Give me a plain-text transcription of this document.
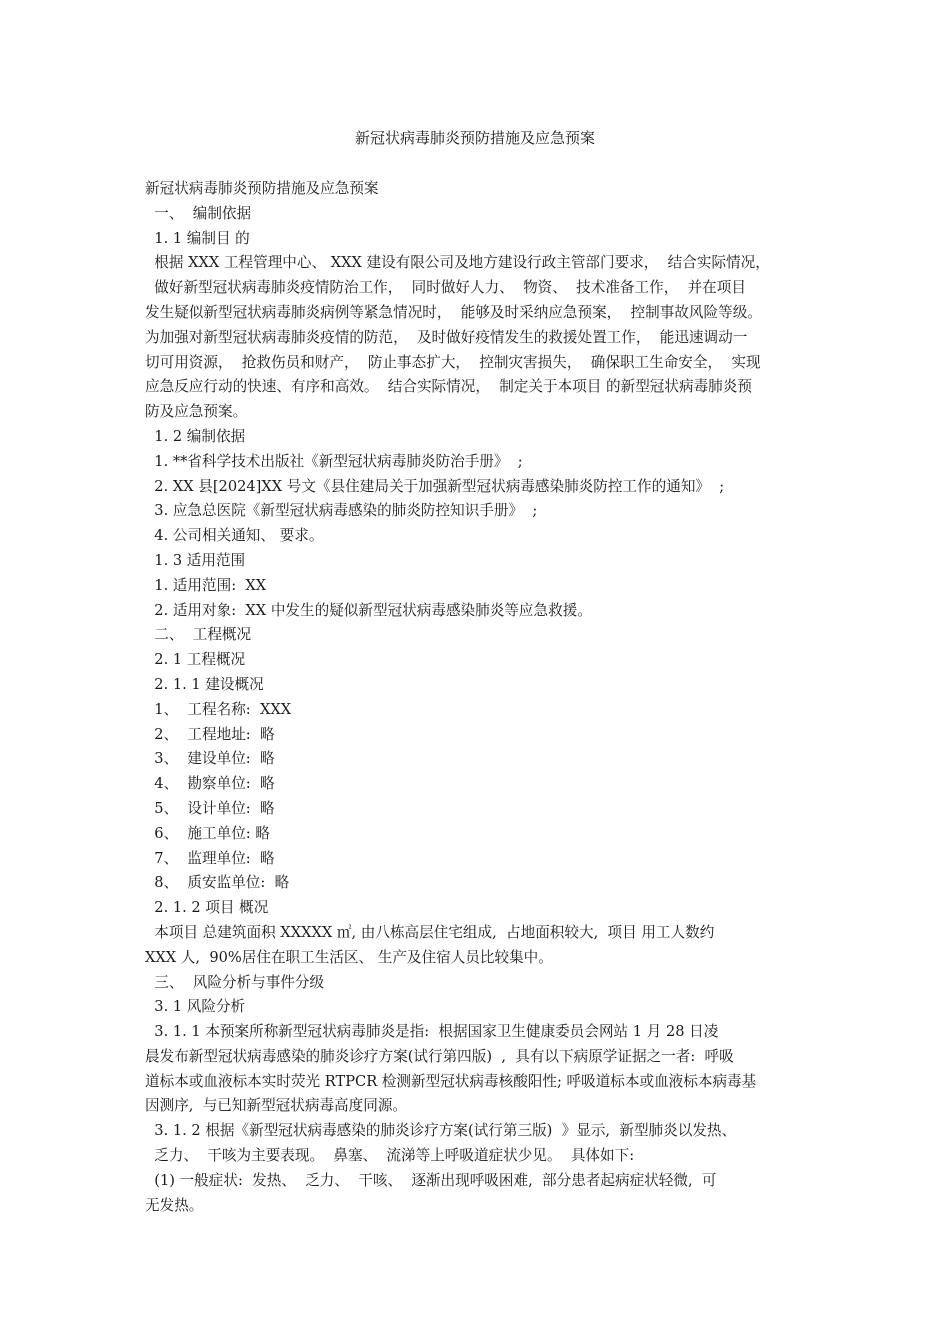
新冠状病毒肺炎预防措施及应急预案
新冠状病毒肺炎预防措施及应急预案
一、  编制依据
1. 1 编制目 的
根据 XXX 工程管理中心、 XXX 建设有限公司及地方建设行政主管部门要求，  结合实际情况，
做好新型冠状病毒肺炎疫情防治工作，  同时做好人力、  物资、  技术准备工作，  并在项目
发生疑似新型冠状病毒肺炎病例等紧急情况时，  能够及时采纳应急预案，  控制事故风险等级。
为加强对新型冠状病毒肺炎疫情的防范，  及时做好疫情发生的救援处置工作，  能迅速调动一
切可用资源，  抢救伤员和财产，  防止事态扩大，  控制灾害损失，  确保职工生命安全，  实现
应急反应行动的快速、有序和高效。  结合实际情况，  制定关于本项目 的新型冠状病毒肺炎预
防及应急预案。
1. 2 编制依据
1. **省科学技术出版社《新型冠状病毒肺炎防治手册》  ;
2. XX 县[2024]XX 号文《县住建局关于加强新型冠状病毒感染肺炎防控工作的通知》  ;
3. 应急总医院《新型冠状病毒感染的肺炎防控知识手册》  ;
4. 公司相关通知、 要求。
1. 3 适用范围
1. 适用范围:  XX
2. 适用对象:  XX 中发生的疑似新型冠状病毒感染肺炎等应急救援。
二、  工程概况
2. 1 工程概况
2. 1. 1 建设概况
1、  工程名称:  XXX
2、  工程地址:  略
3、  建设单位:  略
4、  勘察单位:  略
5、  设计单位:  略
6、  施工单位: 略
7、  监理单位:  略
8、  质安监单位:  略
2. 1. 2 项目 概况
本项目 总建筑面积 XXXXX ㎡, 由八栋高层住宅组成,  占地面积较大,  项目 用工人数约
XXX 人,  90%居住在职工生活区、 生产及住宿人员比较集中。
三、  风险分析与事件分级
3. 1 风险分析
3. 1. 1 本预案所称新型冠状病毒肺炎是指:  根据国家卫生健康委员会网站 1 月 28 日凌
晨发布新型冠状病毒感染的肺炎诊疗方案(试行第四版)  ,  具有以下病原学证据之一者:  呼吸
道标本或血液标本实时荧光 RTPCR 检测新型冠状病毒核酸阳性; 呼吸道标本或血液标本病毒基
因测序,  与已知新型冠状病毒高度同源。
3. 1. 2 根据《新型冠状病毒感染的肺炎诊疗方案(试行第三版)  》显示,  新型肺炎以发热、
乏力、  干咳为主要表现。  鼻塞、  流涕等上呼吸道症状少见。  具体如下:
(1) 一般症状:  发热、  乏力、  干咳、  逐渐出现呼吸困难,  部分患者起病症状轻微,  可
无发热。
